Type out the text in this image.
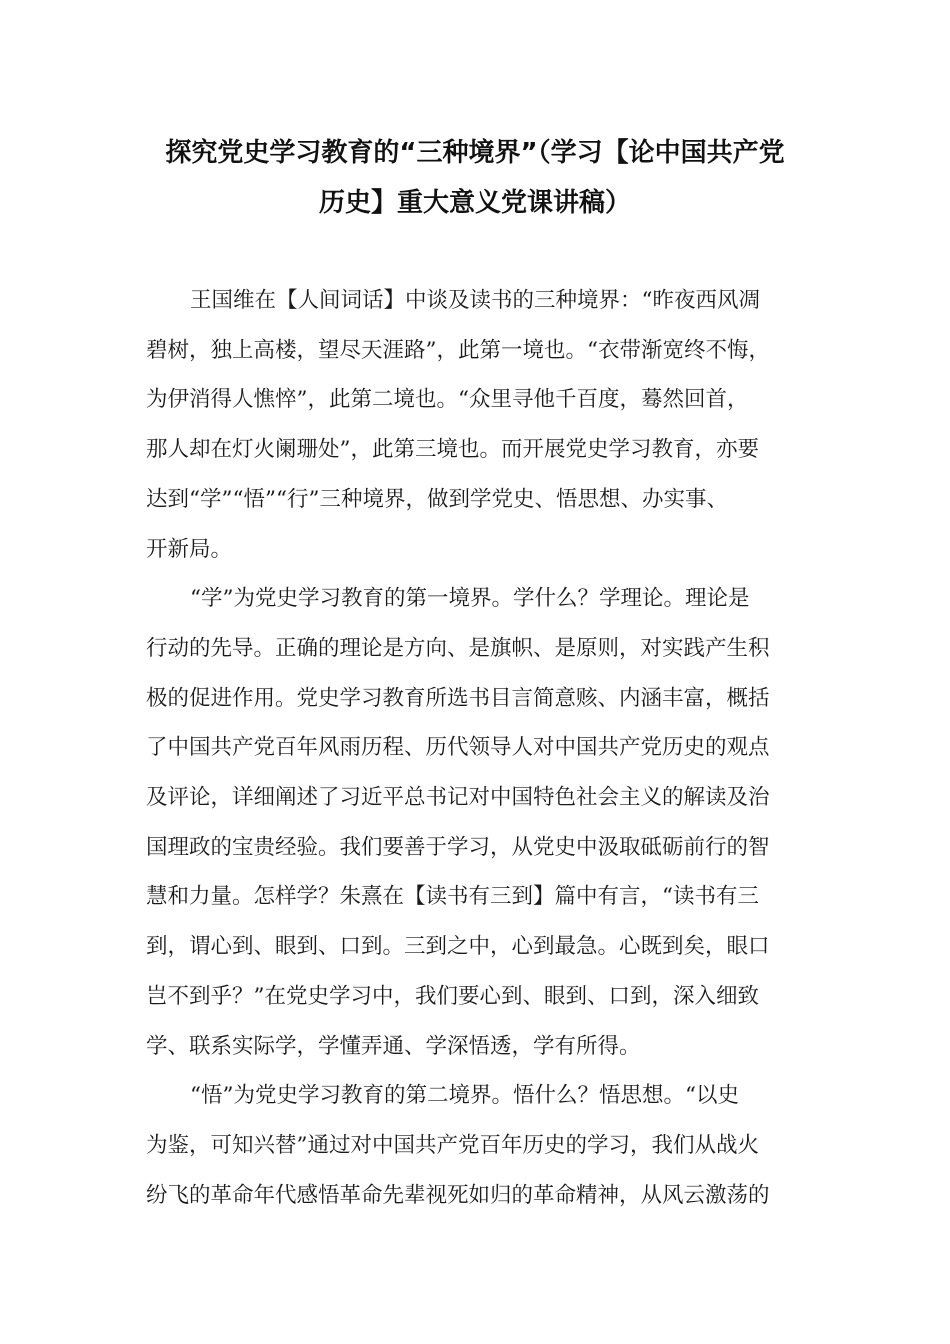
探究党史学习教育的“三种境界”（学习【论中国共产党
历史】重大意义党课讲稿）

王国维在【人间词话】中谈及读书的三种境界：“昨夜西风凋
碧树，独上高楼，望尽天涯路”，此第一境也。“衣带渐宽终不悔，
为伊消得人憔悴”，此第二境也。“众里寻他千百度，蓦然回首，
那人却在灯火阑珊处”，此第三境也。而开展党史学习教育，亦要
达到“学”“悟”“行”三种境界，做到学党史、悟思想、办实事、
开新局。

“学”为党史学习教育的第一境界。学什么？学理论。理论是
行动的先导。正确的理论是方向、是旗帜、是原则，对实践产生积
极的促进作用。党史学习教育所选书目言简意赅、内涵丰富，概括
了中国共产党百年风雨历程、历代领导人对中国共产党历史的观点
及评论，详细阐述了习近平总书记对中国特色社会主义的解读及治
国理政的宝贵经验。我们要善于学习，从党史中汲取砥砺前行的智
慧和力量。怎样学？朱熹在【读书有三到】篇中有言，“读书有三
到，谓心到、眼到、口到。三到之中，心到最急。心既到矣，眼口
岂不到乎？”在党史学习中，我们要心到、眼到、口到，深入细致
学、联系实际学，学懂弄通、学深悟透，学有所得。

“悟”为党史学习教育的第二境界。悟什么？悟思想。“以史
为鉴，可知兴替”通过对中国共产党百年历史的学习，我们从战火
纷飞的革命年代感悟革命先辈视死如归的革命精神，从风云激荡的
